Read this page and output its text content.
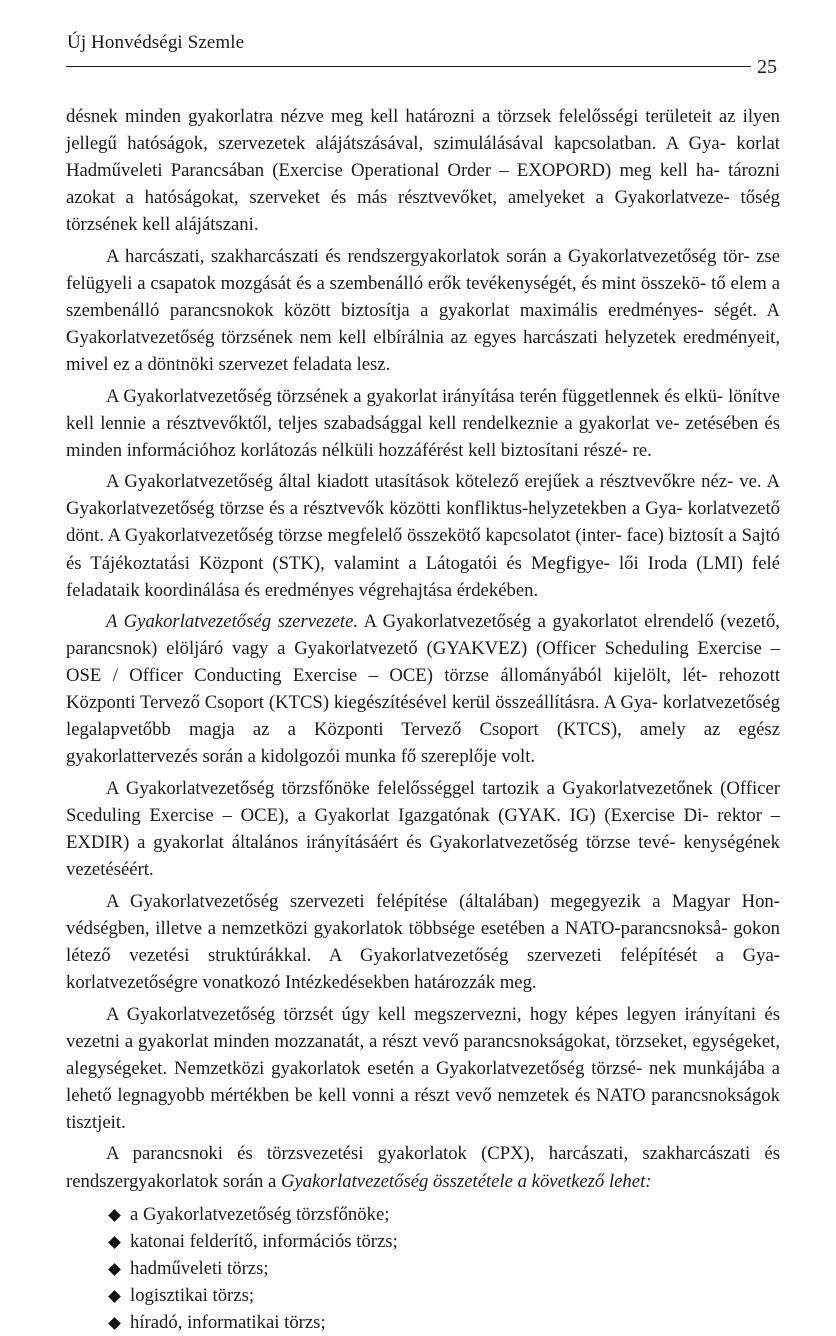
Új Honvédségi Szemle
25

désnek minden gyakorlatra nézve meg kell határozni a törzsek felelősségi területeit az ilyen jellegű hatóságok, szervezetek alájátszásával, szimulálásával kapcsolatban. A Gya- korlat Hadműveleti Parancsában (Exercise Operational Order – EXOPORD) meg kell ha- tározni azokat a hatóságokat, szerveket és más résztvevőket, amelyeket a Gyakorlatveze- tőség törzsének kell alájátszani.

A harcászati, szakharcászati és rendszergyakorlatok során a Gyakorlatvezetőség tör- zse felügyeli a csapatok mozgását és a szembenálló erők tevékenységét, és mint összekö- tő elem a szembenálló parancsnokok között biztosítja a gyakorlat maximális eredményes- ségét. A Gyakorlatvezetőség törzsének nem kell elbírálnia az egyes harcászati helyzetek eredményeit, mivel ez a döntnöki szervezet feladata lesz.

A Gyakorlatvezetőség törzsének a gyakorlat irányítása terén függetlennek és elkü- lönítve kell lennie a résztvevőktől, teljes szabadsággal kell rendelkeznie a gyakorlat ve- zetésében és minden információhoz korlátozás nélküli hozzáférést kell biztosítani részé- re.

A Gyakorlatvezetőség által kiadott utasítások kötelező erejűek a résztvevőkre néz- ve. A Gyakorlatvezetőség törzse és a résztvevők közötti konfliktus-helyzetekben a Gya- korlatvezető dönt. A Gyakorlatvezetőség törzse megfelelő összekötő kapcsolatot (inter- face) biztosít a Sajtó és Tájékoztatási Központ (STK), valamint a Látogatói és Megfigye- lői Iroda (LMI) felé feladataik koordinálása és eredményes végrehajtása érdekében.

A Gyakorlatvezetőség szervezete. A Gyakorlatvezetőség a gyakorlatot elrendelő (vezető, parancsnok) elöljáró vagy a Gyakorlatvezető (GYAKVEZ) (Officer Scheduling Exercise – OSE / Officer Conducting Exercise – OCE) törzse állományából kijelölt, lét- rehozott Központi Tervező Csoport (KTCS) kiegészítésével kerül összeállításra. A Gya- korlatvezetőség legalapvetőbb magja az a Központi Tervező Csoport (KTCS), amely az egész gyakorlattervezés során a kidolgozói munka fő szereplője volt.

A Gyakorlatvezetőség törzsfőnöke felelősséggel tartozik a Gyakorlatvezetőnek (Officer Sceduling Exercise – OCE), a Gyakorlat Igazgatónak (GYAK. IG) (Exercise Di- rektor – EXDIR) a gyakorlat általános irányításáért és Gyakorlatvezetőség törzse tevé- kenységének vezetéséért.

A Gyakorlatvezetőség szervezeti felépítése (általában) megegyezik a Magyar Hon- védségben, illetve a nemzetközi gyakorlatok többsége esetében a NATO-parancsnokså- gokon létező vezetési struktúrákkal. A Gyakorlatvezetőség szervezeti felépítését a Gya- korlatvezetőségre vonatkozó Intézkedésekben határozzák meg.

A Gyakorlatvezetőség törzsét úgy kell megszervezni, hogy képes legyen irányítani és vezetni a gyakorlat minden mozzanatát, a részt vevő parancsnokságokat, törzseket, egységeket, alegységeket. Nemzetközi gyakorlatok esetén a Gyakorlatvezetőség törzsé- nek munkájába a lehető legnagyobb mértékben be kell vonni a részt vevő nemzetek és NATO parancsnokságok tisztjeit.

A parancsnoki és törzsvezetési gyakorlatok (CPX), harcászati, szakharcászati és rendszergyakorlatok során a Gyakorlatvezetőség összetétele a következő lehet:

a Gyakorlatvezetőség törzsfőnöke;
katonai felderítő, információs törzs;
hadműveleti törzs;
logisztikai törzs;
híradó, informatikai törzs;
